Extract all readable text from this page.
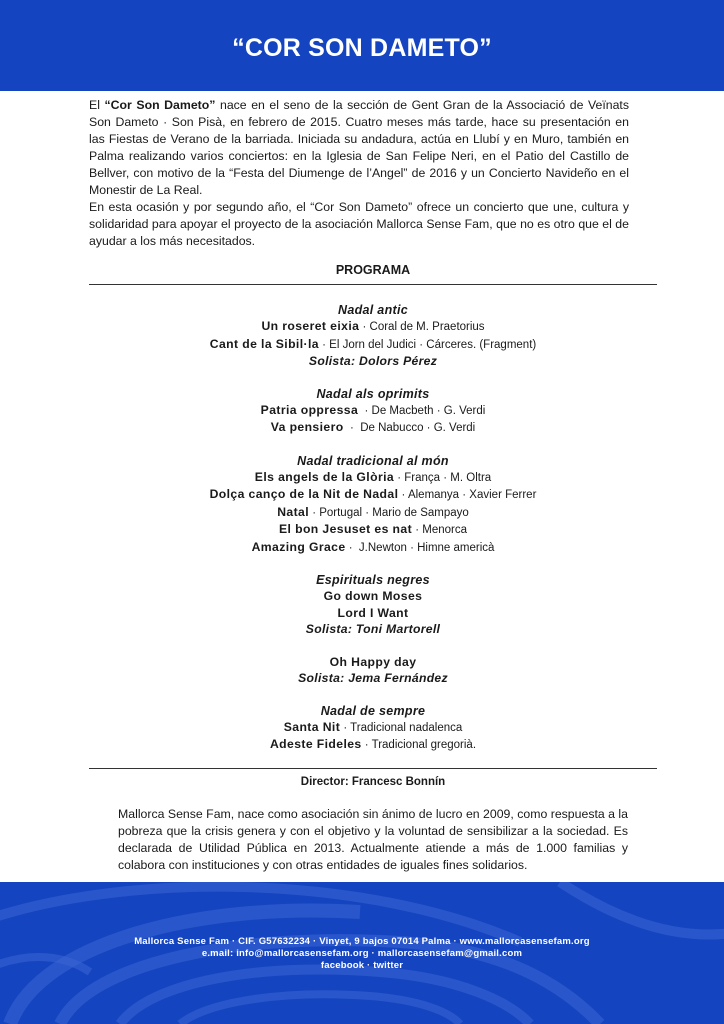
“COR SON DAMETO”

El “Cor Son Dameto” nace en el seno de la sección de Gent Gran de la Associació de Veïnats Son Dameto · Son Pisà, en febrero de 2015. Cuatro meses más tarde, hace su presentación en las Fiestas de Verano de la barriada. Iniciada su andadura, actúa en Llubí y en Muro, también en Palma realizando varios conciertos: en la Iglesia de San Felipe Neri, en el Patio del Castillo de Bellver, con motivo de la “Festa del Diumenge de l’Angel” de 2016 y un Concierto Navideño en el Monestir de La Real.

En esta ocasión y por segundo año, el “Cor Son Dameto” ofrece un concierto que une, cultura y solidaridad para apoyar el proyecto de la asociación Mallorca Sense Fam, que no es otro que el de ayudar a los más necesitados.

PROGRAMA
Nadal antic
Un roseret eixia · Coral de M. Praetorius
Cant de la Sibil·la · El Jorn del Judici · Cárceres. (Fragment)
Solista: Dolors Pérez
Nadal als oprimits
Patria oppressa  · De Macbeth · G. Verdi
Va pensiero  ·  De Nabucco · G. Verdi
Nadal tradicional al món
Els angels de la Glòria · França · M. Oltra
Dolça canço de la Nit de Nadal · Alemanya · Xavier Ferrer
Natal · Portugal · Mario de Sampayo
El bon Jesuset es nat · Menorca
Amazing Grace ·  J.Newton · Himne americà
Espirituals negres
Go down Moses
Lord I Want
Solista: Toni Martorell
Oh Happy day
Solista: Jema Fernández
Nadal de sempre
Santa Nit · Tradicional nadalenca
Adeste Fideles · Tradicional gregorià.
Director: Francesc Bonnín
Mallorca Sense Fam, nace como asociación sin ánimo de lucro en 2009, como respuesta a la pobreza que la crisis genera y con el objetivo y la voluntad de sensibilizar a la sociedad. Es declarada de Utilidad Pública en 2013. Actualmente atiende a más de 1.000 familias y colabora con instituciones y con otras entidades de iguales fines solidarios.
Mallorca Sense Fam · CIF. G57632234 · Vinyet, 9 bajos 07014 Palma · www.mallorcasensefam.org
e.mail: info@mallorcasensefam.org · mallorcasensefam@gmail.com
facebook · twitter
